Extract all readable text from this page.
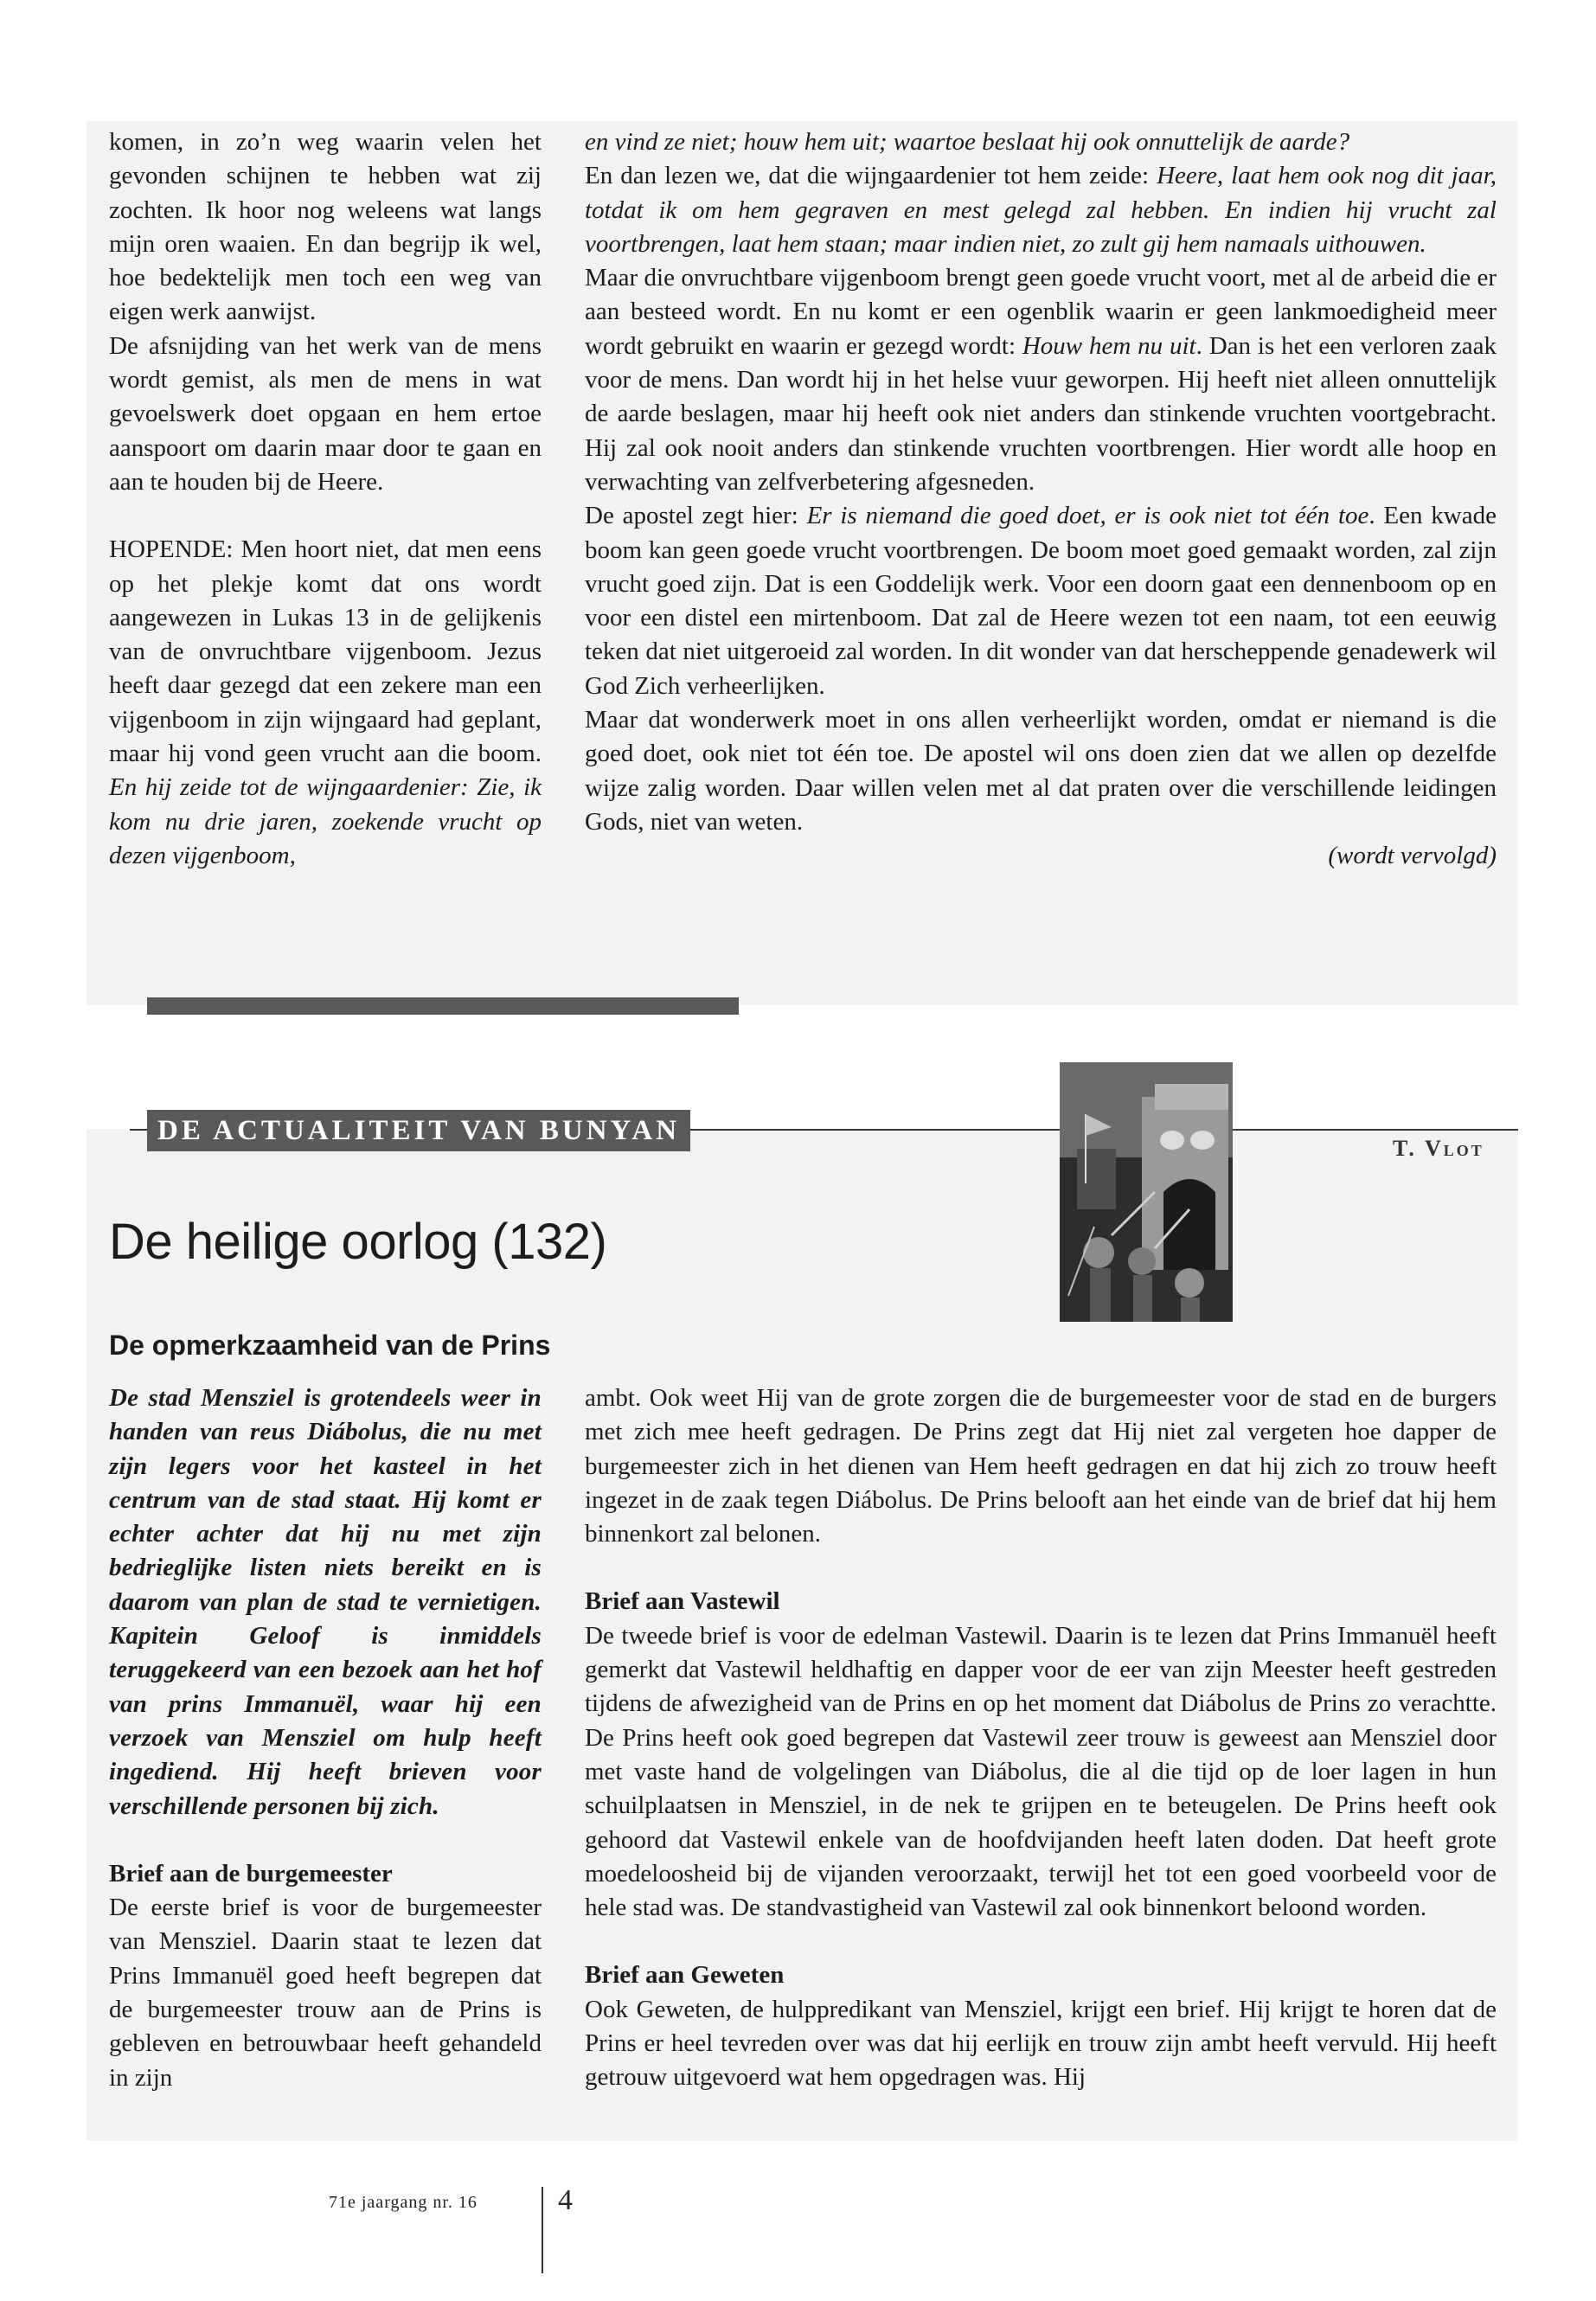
komen, in zo’n weg waarin velen het gevonden schijnen te hebben wat zij zochten. Ik hoor nog weleens wat langs mijn oren waaien. En dan begrijp ik wel, hoe bedektelijk men toch een weg van eigen werk aanwijst.

De afsnijding van het werk van de mens wordt gemist, als men de mens in wat gevoelswerk doet opgaan en hem ertoe aanspoort om daarin maar door te gaan en aan te houden bij de Heere.

HOPENDE: Men hoort niet, dat men eens op het plekje komt dat ons wordt aangewezen in Lukas 13 in de gelijkenis van de onvruchtbare vijgenboom. Jezus heeft daar gezegd dat een zekere man een vijgenboom in zijn wijngaard had geplant, maar hij vond geen vrucht aan die boom. En hij zeide tot de wijngaardenier: Zie, ik kom nu drie jaren, zoekende vrucht op dezen vijgenboom,

en vind ze niet; houw hem uit; waartoe beslaat hij ook onnuttelijk de aarde?

En dan lezen we, dat die wijngaardenier tot hem zeide: Heere, laat hem ook nog dit jaar, totdat ik om hem gegraven en mest gelegd zal hebben. En indien hij vrucht zal voortbrengen, laat hem staan; maar indien niet, zo zult gij hem namaals uithouwen.

Maar die onvruchtbare vijgenboom brengt geen goede vrucht voort, met al de arbeid die er aan besteed wordt. En nu komt er een ogenblik waarin er geen lankmoedigheid meer wordt gebruikt en waarin er gezegd wordt: Houw hem nu uit. Dan is het een verloren zaak voor de mens. Dan wordt hij in het helse vuur geworpen. Hij heeft niet alleen onnuttelijk de aarde beslagen, maar hij heeft ook niet anders dan stinkende vruchten voortgebracht. Hij zal ook nooit anders dan stinkende vruchten voortbrengen. Hier wordt alle hoop en verwachting van zelfverbetering afgesneden.

De apostel zegt hier: Er is niemand die goed doet, er is ook niet tot één toe. Een kwade boom kan geen goede vrucht voortbrengen. De boom moet goed gemaakt worden, zal zijn vrucht goed zijn. Dat is een Goddelijk werk. Voor een doorn gaat een dennenboom op en voor een distel een mirtenboom. Dat zal de Heere wezen tot een naam, tot een eeuwig teken dat niet uitgeroeid zal worden. In dit wonder van dat herscheppende genadewerk wil God Zich verheerlijken.

Maar dat wonderwerk moet in ons allen verheerlijkt worden, omdat er niemand is die goed doet, ook niet tot één toe. De apostel wil ons doen zien dat we allen op dezelfde wijze zalig worden. Daar willen velen met al dat praten over die verschillende leidingen Gods, niet van weten.

(wordt vervolgd)

DE ACTUALITEIT VAN BUNYAN
T. Vlot
De heilige oorlog (132)
De opmerkzaamheid van de Prins

De stad Mensziel is grotendeels weer in handen van reus Diábolus, die nu met zijn legers voor het kasteel in het centrum van de stad staat. Hij komt er echter achter dat hij nu met zijn bedrieglijke listen niets bereikt en is daarom van plan de stad te vernietigen. Kapitein Geloof is inmiddels teruggekeerd van een bezoek aan het hof van prins Immanuël, waar hij een verzoek van Mensziel om hulp heeft ingediend. Hij heeft brieven voor verschillende personen bij zich.

Brief aan de burgemeester

De eerste brief is voor de burgemeester van Mensziel. Daarin staat te lezen dat Prins Immanuël goed heeft begrepen dat de burgemeester trouw aan de Prins is gebleven en betrouwbaar heeft gehandeld in zijn

ambt. Ook weet Hij van de grote zorgen die de burgemeester voor de stad en de burgers met zich mee heeft gedragen. De Prins zegt dat Hij niet zal vergeten hoe dapper de burgemeester zich in het dienen van Hem heeft gedragen en dat hij zich zo trouw heeft ingezet in de zaak tegen Diábolus. De Prins belooft aan het einde van de brief dat hij hem binnenkort zal belonen.

Brief aan Vastewil

De tweede brief is voor de edelman Vastewil. Daarin is te lezen dat Prins Immanuël heeft gemerkt dat Vastewil heldhaftig en dapper voor de eer van zijn Meester heeft gestreden tijdens de afwezigheid van de Prins en op het moment dat Diábolus de Prins zo verachtte. De Prins heeft ook goed begrepen dat Vastewil zeer trouw is geweest aan Mensziel door met vaste hand de volgelingen van Diábolus, die al die tijd op de loer lagen in hun schuilplaatsen in Mensziel, in de nek te grijpen en te beteugelen. De Prins heeft ook gehoord dat Vastewil enkele van de hoofdvijanden heeft laten doden. Dat heeft grote moedeloosheid bij de vijanden veroorzaakt, terwijl het tot een goed voorbeeld voor de hele stad was. De standvastigheid van Vastewil zal ook binnenkort beloond worden.

Brief aan Geweten

Ook Geweten, de hulppredikant van Mensziel, krijgt een brief. Hij krijgt te horen dat de Prins er heel tevreden over was dat hij eerlijk en trouw zijn ambt heeft vervuld. Hij heeft getrouw uitgevoerd wat hem opgedragen was. Hij

71e jaargang nr. 16	4
